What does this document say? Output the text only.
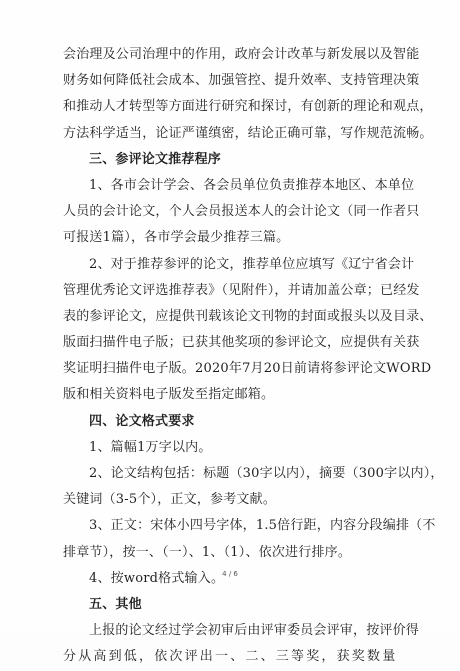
会治理及公司治理中的作用，政府会计改革与新发展以及智能
财务如何降低社会成本、加强管控、提升效率、支持管理决策
和推动人才转型等方面进行研究和探讨，有创新的理论和观点，
方法科学适当，论证严谨缜密，结论正确可靠，写作规范流畅。
三、参评论文推荐程序
1、各市会计学会、各会员单位负责推荐本地区、本单位
人员的会计论文，个人会员报送本人的会计论文（同一作者只
可报送1篇），各市学会最少推荐三篇。
2、对于推荐参评的论文，推荐单位应填写《辽宁省会计
管理优秀论文评选推荐表》（见附件），并请加盖公章；已经发
表的参评论文，应提供刊载该论文刊物的封面或报头以及目录、
版面扫描件电子版；已获其他奖项的参评论文，应提供有关获
奖证明扫描件电子版。2020年7月20日前请将参评论文WORD
版和相关资料电子版发至指定邮箱。
四、论文格式要求
1、篇幅1万字以内。
2、论文结构包括：标题（30字以内），摘要（300字以内），
关键词（3-5个），正文，参考文献。
3、正文：宋体小四号字体，1.5倍行距，内容分段编排（不
排章节），按一、（一）、1、（1）、依次进行排序。
4、按word格式输入。
五、其他
上报的论文经过学会初审后由评审委员会评审，按评价得
分从高到低，依次评出一、二、三等奖，获奖数量
4 / 6
